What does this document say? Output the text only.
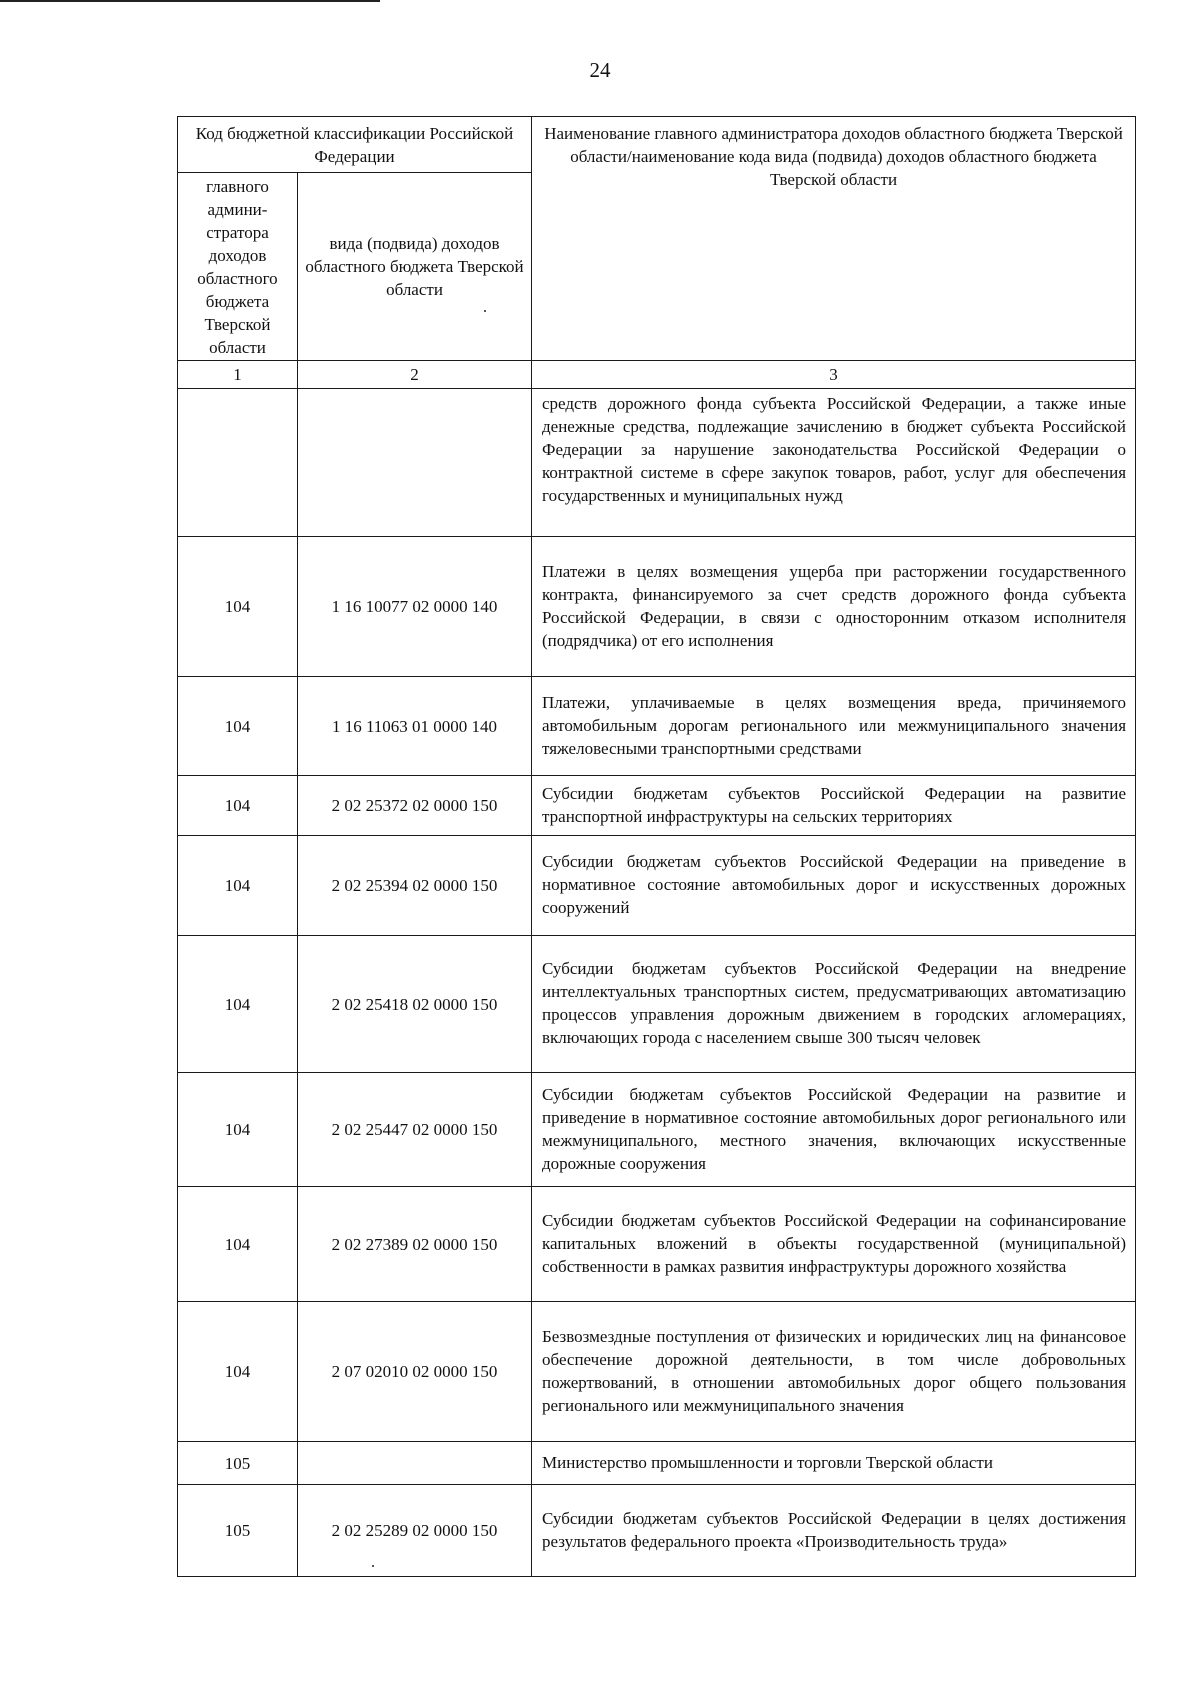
24
Код бюджетной классификации Российской Федерации		Наименование главного администратора доходов областного бюджета Тверской области/наименование кода вида (подвида) доходов областного бюджета Тверской области
главного админи-стратора доходов областного бюджета Тверской области	вида (подвида) доходов областного бюджета Тверской области	
1	2	3
		средств дорожного фонда субъекта Российской Федерации, а также иные денежные средства, подлежащие зачислению в бюджет субъекта Российской Федерации за нарушение законодательства Российской Федерации о контрактной системе в сфере закупок товаров, работ, услуг для обеспечения государственных и муниципальных нужд
104	1 16 10077 02 0000 140	Платежи в целях возмещения ущерба при расторжении государственного контракта, финансируемого за счет средств дорожного фонда субъекта Российской Федерации, в связи с односторонним отказом исполнителя (подрядчика) от его исполнения
104	1 16 11063 01 0000 140	Платежи, уплачиваемые в целях возмещения вреда, причиняемого автомобильным дорогам регионального или межмуниципального значения тяжеловесными транспортными средствами
104	2 02 25372 02 0000 150	Субсидии бюджетам субъектов Российской Федерации на развитие транспортной инфраструктуры на сельских территориях
104	2 02 25394 02 0000 150	Субсидии бюджетам субъектов Российской Федерации на приведение в нормативное состояние автомобильных дорог и искусственных дорожных сооружений
104	2 02 25418 02 0000 150	Субсидии бюджетам субъектов Российской Федерации на внедрение интеллектуальных транспортных систем, предусматривающих автоматизацию процессов управления дорожным движением в городских агломерациях, включающих города с населением свыше 300 тысяч человек
104	2 02 25447 02 0000 150	Субсидии бюджетам субъектов Российской Федерации на развитие и приведение в нормативное состояние автомобильных дорог регионального или межмуниципального, местного значения, включающих искусственные дорожные сооружения
104	2 02 27389 02 0000 150	Субсидии бюджетам субъектов Российской Федерации на софинансирование капитальных вложений в объекты государственной (муниципальной) собственности в рамках развития инфраструктуры дорожного хозяйства
104	2 07 02010 02 0000 150	Безвозмездные поступления от физических и юридических лиц на финансовое обеспечение дорожной деятельности, в том числе добровольных пожертвований, в отношении автомобильных дорог общего пользования регионального или межмуниципального значения
105		Министерство промышленности и торговли Тверской области
105	2 02 25289 02 0000 150	Субсидии бюджетам субъектов Российской Федерации в целях достижения результатов федерального проекта «Производительность труда»
